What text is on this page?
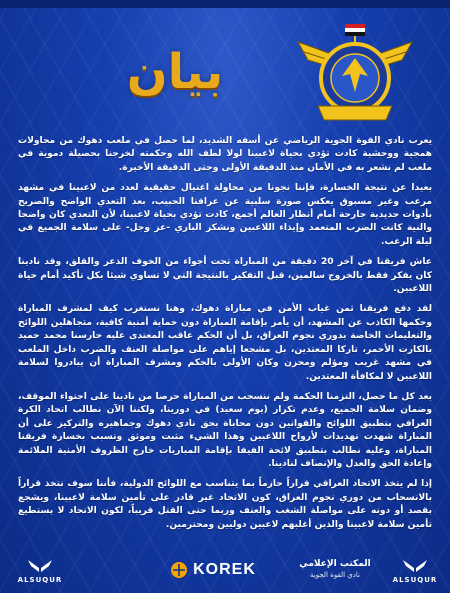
بيان

يعرب نادي القوة الجوية الرياضي عن أسفه الشديد، لما حصل في ملعب دهوك من محاولات همجية ووحشية كادت تؤدي بحياة لاعبينا لولا لطف الله وحكمته لخرجنا بحصيلة دموية في ملعب لم نشعر به في الأمان منذ الدقيقة الأولى وحتى الدقيقة الأخيرة.

بعيدا عن نتيجة الخسارة، فإننا نجونا من محاولة اغتيال حقيقية لعدد من لاعبينا في مشهد مرعب وغير مسبوق يعكس صورة سلبية عن عراقنا الحبيب، بعد التعدي الواضح والصريح بأدوات حديدية جارحة أمام أنظار العالم أجمع، كادت تؤدي بحياة لاعبينا، لأن التعدي كان واضحا والنية كانت الضرب المتعمد وإيذاء اللاعبين ونشكر الباري -عز وجل- على سلامة الجميع في ليلة الرعب.

عاش فريقنا في آخر 20 دقيقة من المباراة تحت أجواء من الخوف الذعر والقلق، وقد نادينا كان يفكر فقط بالخروج سالمين، قبل التفكير بالنتيجة التي لا تساوي شيئا بكل تأكيد أمام حياة اللاعبين.

لقد دفع فريقنا ثمن غياب الأمن في مباراة دهوك، وهنا نستغرب كيف لمشرف المباراة وحكمها الكاذب عن المشهد، أن يأمر بإقامة المباراة دون حماية أمنية كافية، متجاهلين اللوائح والتعليمات الخاصة بدوري نجوم العراق، بل أن الحكم عاقب المعتدى عليه حارسنا محمد حميد بالكارت الأحمر، تاركا المعتدين، بل مشجعا إياهم على مواصلة العنف والضرب داخل الملعب في مشهد غريب ومؤلم ومحزن وكان الأولى بالحكم ومشرف المباراة أن يبادروا لسلامة اللاعبين لا لمكافأة المعتدين.

بعد كل ما حصل، التزمنا الحكمة ولم ننسحب من المباراة حرصا من نادينا على احتواء الموقف، وضمان سلامة الجميع، وعدم تكرار (يوم سعيد) في دورينا، ولكننا الآن نطالب اتحاد الكرة العراقي بتطبيق اللوائح والقوانين دون محاباة بحق نادي دهوك وجماهيره والتركيز على أن المباراة شهدت تهديدات لأرواح اللاعبين وهذا الشيء مثبت وموثق وتسبب بخسارة فريقنا المباراة، وعليه نطالب بتطبيق لائحة الفيفا بإقامة المباريات خارج الظروف الأمنية الملائمة وإعادة الحق والعدل والإنصاف لنادينا.

إذا لم يتخذ الاتحاد العراقي قراراً حازماً بما يتناسب مع اللوائح الدولية، فأننا سوف نتخذ قراراً بالانسحاب من دوري نجوم العراق، كون الاتحاد غير قادر على تأمين سلامة لاعبينا، ويشجع بقصد أو دونه على مواصلة الشغب والعنف وربما حتى القتل قريباً، لكون الاتحاد لا يستطيع تأمين سلامة لاعبينا والذين أغلبهم لاعبين دوليين ومحترمين.

ALSUQUR
KOREK	المكتب الإعلامي
نادي القوة الجوية
ALSUQUR
